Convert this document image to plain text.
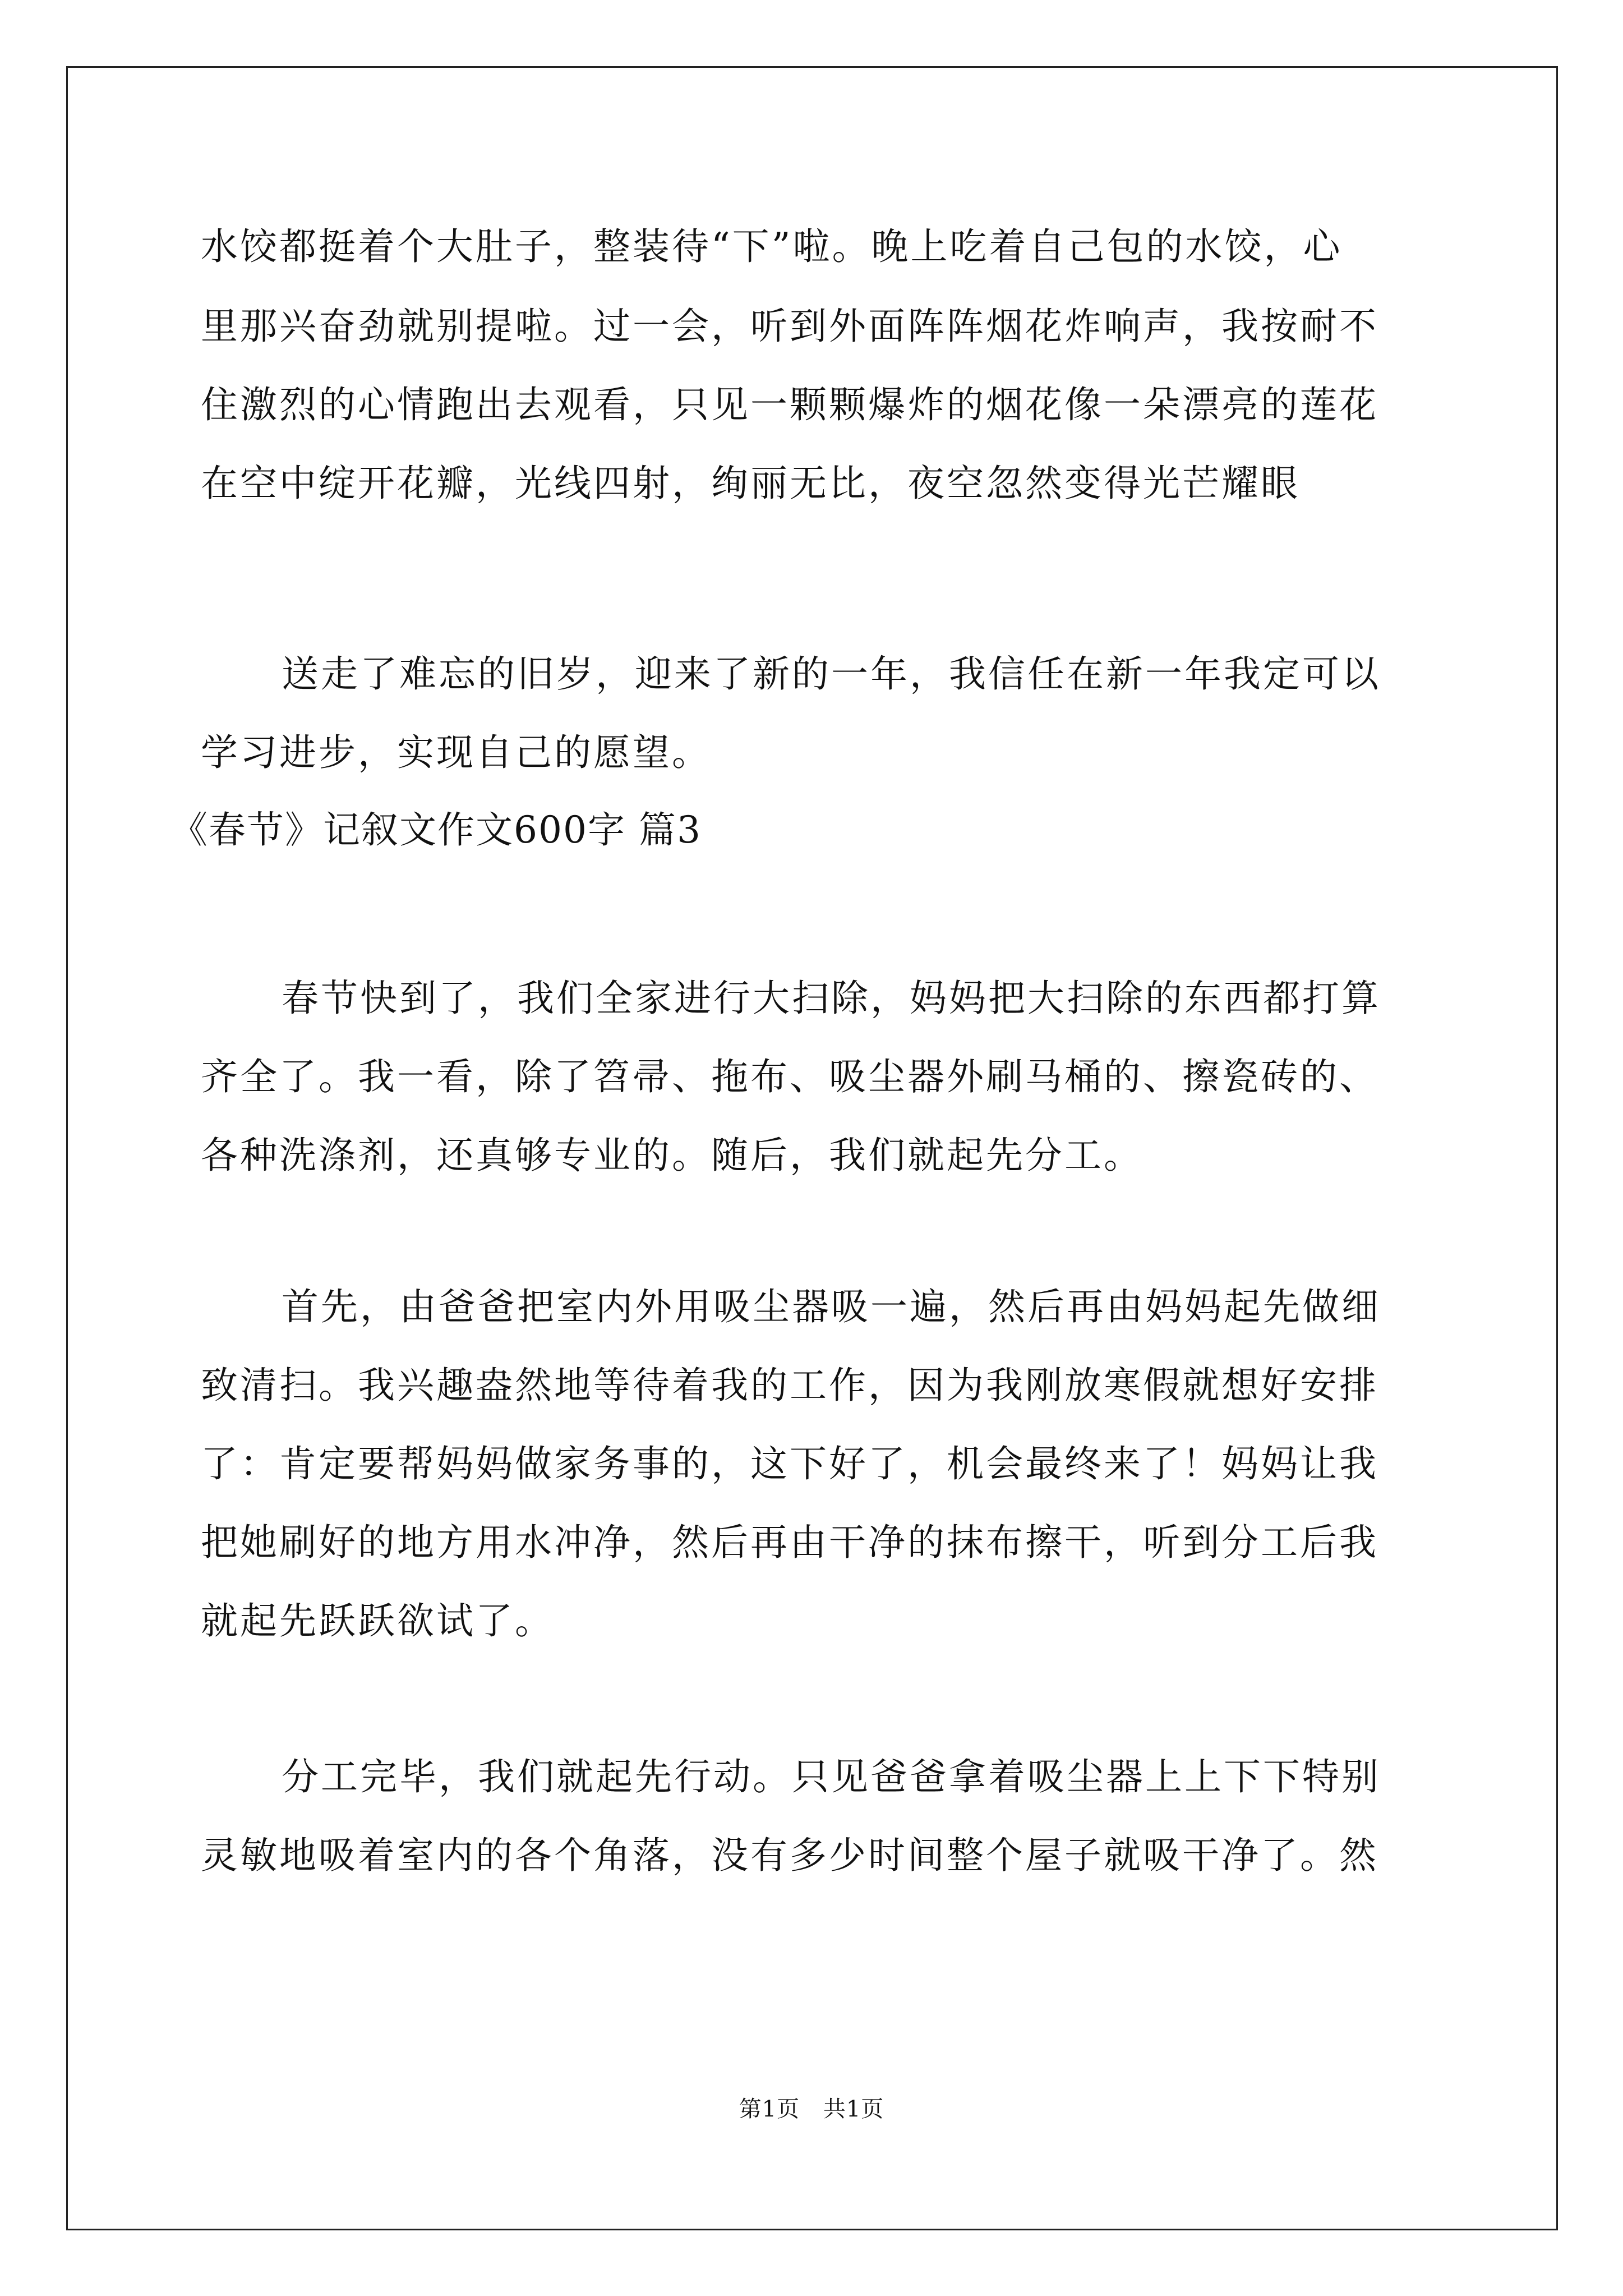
水饺都挺着个大肚子，整装待“下”啦。晚上吃着自己包的水饺，心
里那兴奋劲就别提啦。过一会，听到外面阵阵烟花炸响声，我按耐不
住激烈的心情跑出去观看，只见一颗颗爆炸的烟花像一朵漂亮的莲花
在空中绽开花瓣，光线四射，绚丽无比，夜空忽然变得光芒耀眼
送走了难忘的旧岁，迎来了新的一年，我信任在新一年我定可以
学习进步，实现自己的愿望。
《春节》记叙文作文600字 篇3
春节快到了，我们全家进行大扫除，妈妈把大扫除的东西都打算
齐全了。我一看，除了笤帚、拖布、吸尘器外刷马桶的、擦瓷砖的、
各种洗涤剂，还真够专业的。随后，我们就起先分工。
首先，由爸爸把室内外用吸尘器吸一遍，然后再由妈妈起先做细
致清扫。我兴趣盎然地等待着我的工作，因为我刚放寒假就想好安排
了：肯定要帮妈妈做家务事的，这下好了，机会最终来了！妈妈让我
把她刷好的地方用水冲净，然后再由干净的抹布擦干，听到分工后我
就起先跃跃欲试了。
分工完毕，我们就起先行动。只见爸爸拿着吸尘器上上下下特别
灵敏地吸着室内的各个角落，没有多少时间整个屋子就吸干净了。然
第1页 共1页
